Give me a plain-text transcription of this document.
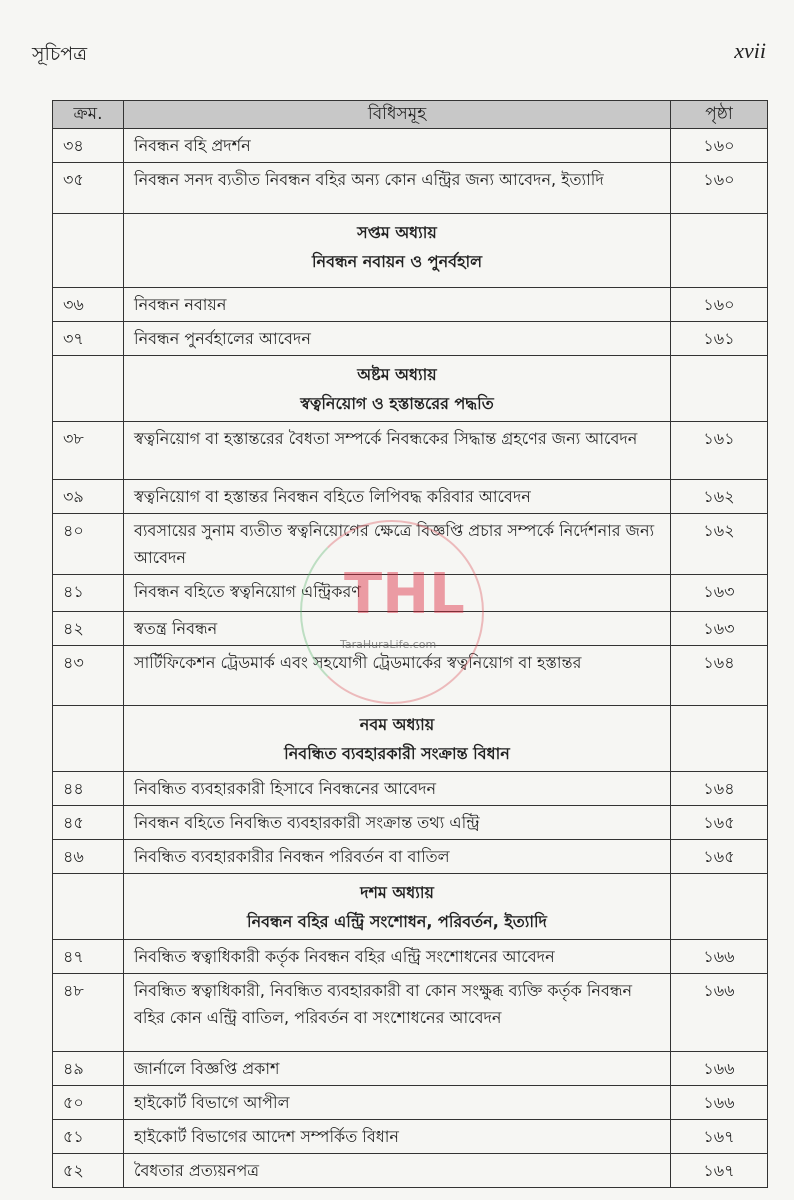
সূচিপত্র	xvii
ক্রম.	বিধিসমূহ	পৃষ্ঠা
৩৪	নিবন্ধন বহি প্রদর্শন	১৬০
৩৫	নিবন্ধন সনদ ব্যতীত নিবন্ধন বহির অন্য কোন এন্ট্রির জন্য আবেদন, ইত্যাদি	১৬০

	সপ্তম অধ্যায়
নিবন্ধন নবায়ন ও পুনর্বহাল	

৩৬	নিবন্ধন নবায়ন	১৬০
৩৭	নিবন্ধন পুনর্বহালের আবেদন	১৬১

	অষ্টম অধ্যায়
স্বত্বনিয়োগ ও হস্তান্তরের পদ্ধতি	

৩৮	স্বত্বনিয়োগ বা হস্তান্তরের বৈধতা সম্পর্কে নিবন্ধকের সিদ্ধান্ত গ্রহণের জন্য আবেদন	১৬১
৩৯	স্বত্বনিয়োগ বা হস্তান্তর নিবন্ধন বহিতে লিপিবদ্ধ করিবার আবেদন	১৬২
৪০	ব্যবসায়ের সুনাম ব্যতীত স্বত্বনিয়োগের ক্ষেত্রে বিজ্ঞপ্তি প্রচার সম্পর্কে নির্দেশনার জন্য আবেদন	১৬২
৪১	নিবন্ধন বহিতে স্বত্বনিয়োগ এন্ট্রিকরণ	১৬৩
৪২	স্বতন্ত্র নিবন্ধন	১৬৩
৪৩	সার্টিফিকেশন ট্রেডমার্ক এবং সহযোগী ট্রেডমার্কের স্বত্বনিয়োগ বা হস্তান্তর	১৬৪

	নবম অধ্যায়
নিবন্ধিত ব্যবহারকারী সংক্রান্ত বিধান	

৪৪	নিবন্ধিত ব্যবহারকারী হিসাবে নিবন্ধনের আবেদন	১৬৪
৪৫	নিবন্ধন বহিতে নিবন্ধিত ব্যবহারকারী সংক্রান্ত তথ্য এন্ট্রি	১৬৫
৪৬	নিবন্ধিত ব্যবহারকারীর নিবন্ধন পরিবর্তন বা বাতিল	১৬৫

	দশম অধ্যায়
নিবন্ধন বহির এন্ট্রি সংশোধন, পরিবর্তন, ইত্যাদি	

৪৭	নিবন্ধিত স্বত্বাধিকারী কর্তৃক নিবন্ধন বহির এন্ট্রি সংশোধনের আবেদন	১৬৬
৪৮	নিবন্ধিত স্বত্বাধিকারী, নিবন্ধিত ব্যবহারকারী বা কোন সংক্ষুব্ধ ব্যক্তি কর্তৃক নিবন্ধন বহির কোন এন্ট্রি বাতিল, পরিবর্তন বা সংশোধনের আবেদন	১৬৬
৪৯	জার্নালে বিজ্ঞপ্তি প্রকাশ	১৬৬
৫০	হাইকোর্ট বিভাগে আপীল	১৬৬
৫১	হাইকোর্ট বিভাগের আদেশ সম্পর্কিত বিধান	১৬৭
৫২	বৈধতার প্রত্যয়নপত্র	১৬৭
THL
TaraHuraLife.com
